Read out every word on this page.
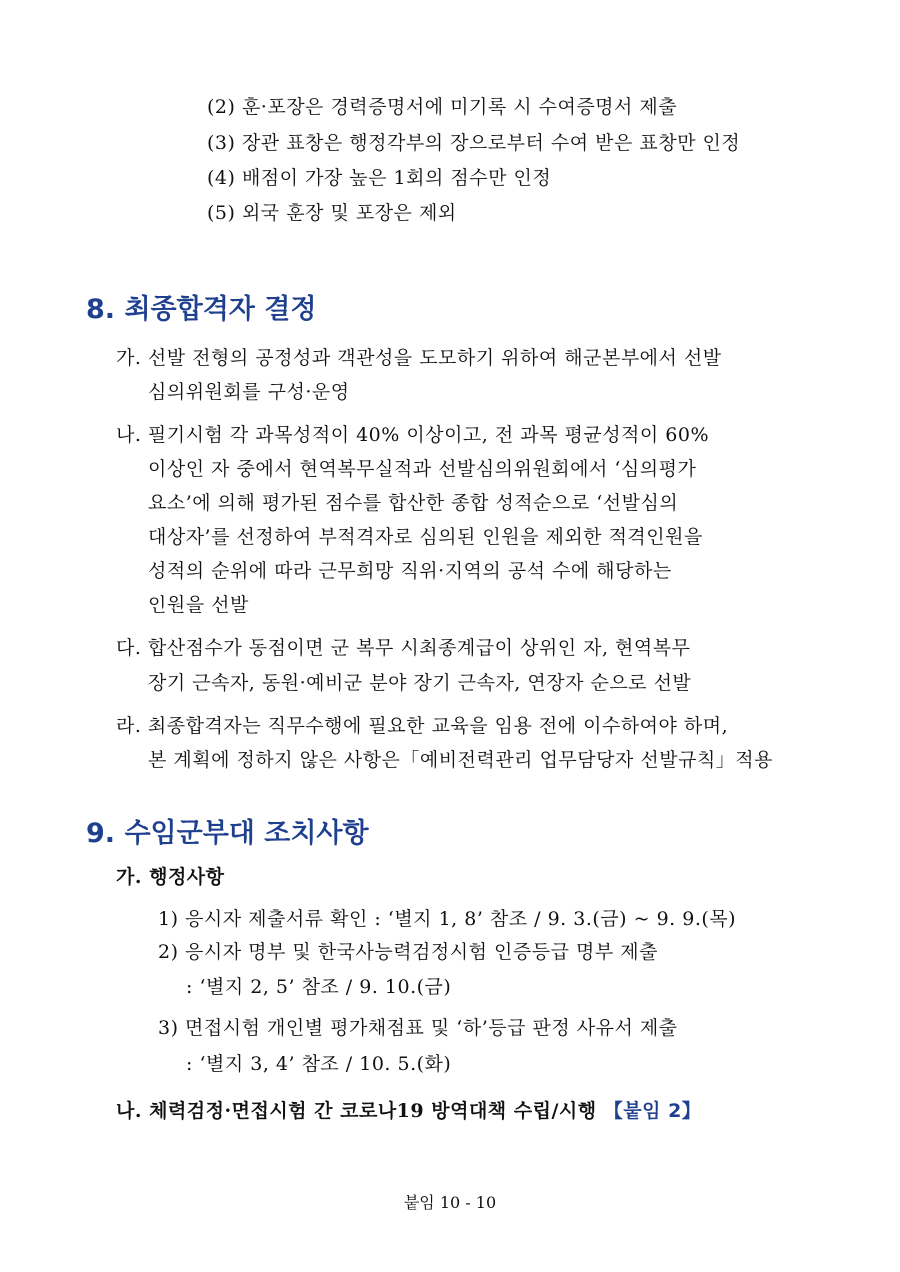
(2) 훈·포장은 경력증명서에 미기록 시 수여증명서 제출
(3) 장관 표창은 행정각부의 장으로부터 수여 받은 표창만 인정
(4) 배점이 가장 높은 1회의 점수만 인정
(5) 외국 훈장 및 포장은 제외
8. 최종합격자 결정
가. 선발 전형의 공정성과 객관성을 도모하기 위하여 해군본부에서 선발
심의위원회를 구성·운영
나. 필기시험 각 과목성적이 40% 이상이고, 전 과목 평균성적이 60%
이상인 자 중에서 현역복무실적과 선발심의위원회에서 ‘심의평가
요소’에 의해 평가된 점수를 합산한 종합 성적순으로 ‘선발심의
대상자’를 선정하여 부적격자로 심의된 인원을 제외한 적격인원을
성적의 순위에 따라 근무희망 직위·지역의 공석 수에 해당하는
인원을 선발
다. 합산점수가 동점이면 군 복무 시최종계급이 상위인 자, 현역복무
장기 근속자, 동원·예비군 분야 장기 근속자, 연장자 순으로 선발
라. 최종합격자는 직무수행에 필요한 교육을 임용 전에 이수하여야 하며,
본 계획에 정하지 않은 사항은「예비전력관리 업무담당자 선발규칙」적용
9. 수임군부대 조치사항
가. 행정사항
1) 응시자 제출서류 확인 : ‘별지 1, 8’ 참조 / 9. 3.(금) ~ 9. 9.(목)
2) 응시자 명부 및 한국사능력검정시험 인증등급 명부 제출
: ‘별지 2, 5’ 참조 / 9. 10.(금)
3) 면접시험 개인별 평가채점표 및 ‘하’등급 판정 사유서 제출
: ‘별지 3, 4’ 참조 / 10. 5.(화)
나. 체력검정·면접시험 간 코로나19 방역대책 수립/시행 【붙임 2】
붙임 10 - 10
